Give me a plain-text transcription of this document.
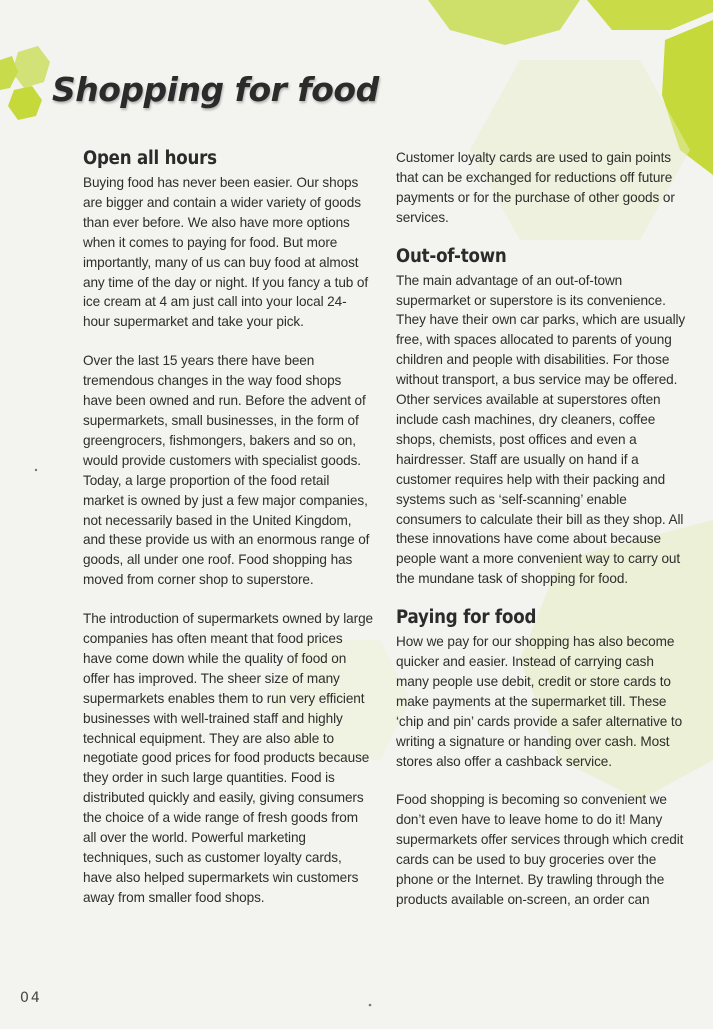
Shopping for food
Open all hours

Buying food has never been easier. Our shops are bigger and contain a wider variety of goods than ever before. We also have more options when it comes to paying for food. But more importantly, many of us can buy food at almost any time of the day or night. If you fancy a tub of ice cream at 4 am just call into your local 24-hour supermarket and take your pick.

Over the last 15 years there have been tremendous changes in the way food shops have been owned and run. Before the advent of supermarkets, small businesses, in the form of greengrocers, fishmongers, bakers and so on, would provide customers with specialist goods. Today, a large proportion of the food retail market is owned by just a few major companies, not necessarily based in the United Kingdom, and these provide us with an enormous range of goods, all under one roof. Food shopping has moved from corner shop to superstore.

The introduction of supermarkets owned by large companies has often meant that food prices have come down while the quality of food on offer has improved. The sheer size of many supermarkets enables them to run very efficient businesses with well-trained staff and highly technical equipment. They are also able to negotiate good prices for food products because they order in such large quantities. Food is distributed quickly and easily, giving consumers the choice of a wide range of fresh goods from all over the world. Powerful marketing techniques, such as customer loyalty cards, have also helped supermarkets win customers away from smaller food shops.

Customer loyalty cards are used to gain points that can be exchanged for reductions off future payments or for the purchase of other goods or services.

Out-of-town

The main advantage of an out-of-town supermarket or superstore is its convenience. They have their own car parks, which are usually free, with spaces allocated to parents of young children and people with disabilities. For those without transport, a bus service may be offered. Other services available at superstores often include cash machines, dry cleaners, coffee shops, chemists, post offices and even a hairdresser. Staff are usually on hand if a customer requires help with their packing and systems such as ‘self-scanning’ enable consumers to calculate their bill as they shop. All these innovations have come about because people want a more convenient way to carry out the mundane task of shopping for food.

Paying for food

How we pay for our shopping has also become quicker and easier. Instead of carrying cash many people use debit, credit or store cards to make payments at the supermarket till. These ‘chip and pin’ cards provide a safer alternative to writing a signature or handing over cash. Most stores also offer a cashback service.

Food shopping is becoming so convenient we don’t even have to leave home to do it! Many supermarkets offer services through which credit cards can be used to buy groceries over the phone or the Internet. By trawling through the products available on-screen, an order can

04
